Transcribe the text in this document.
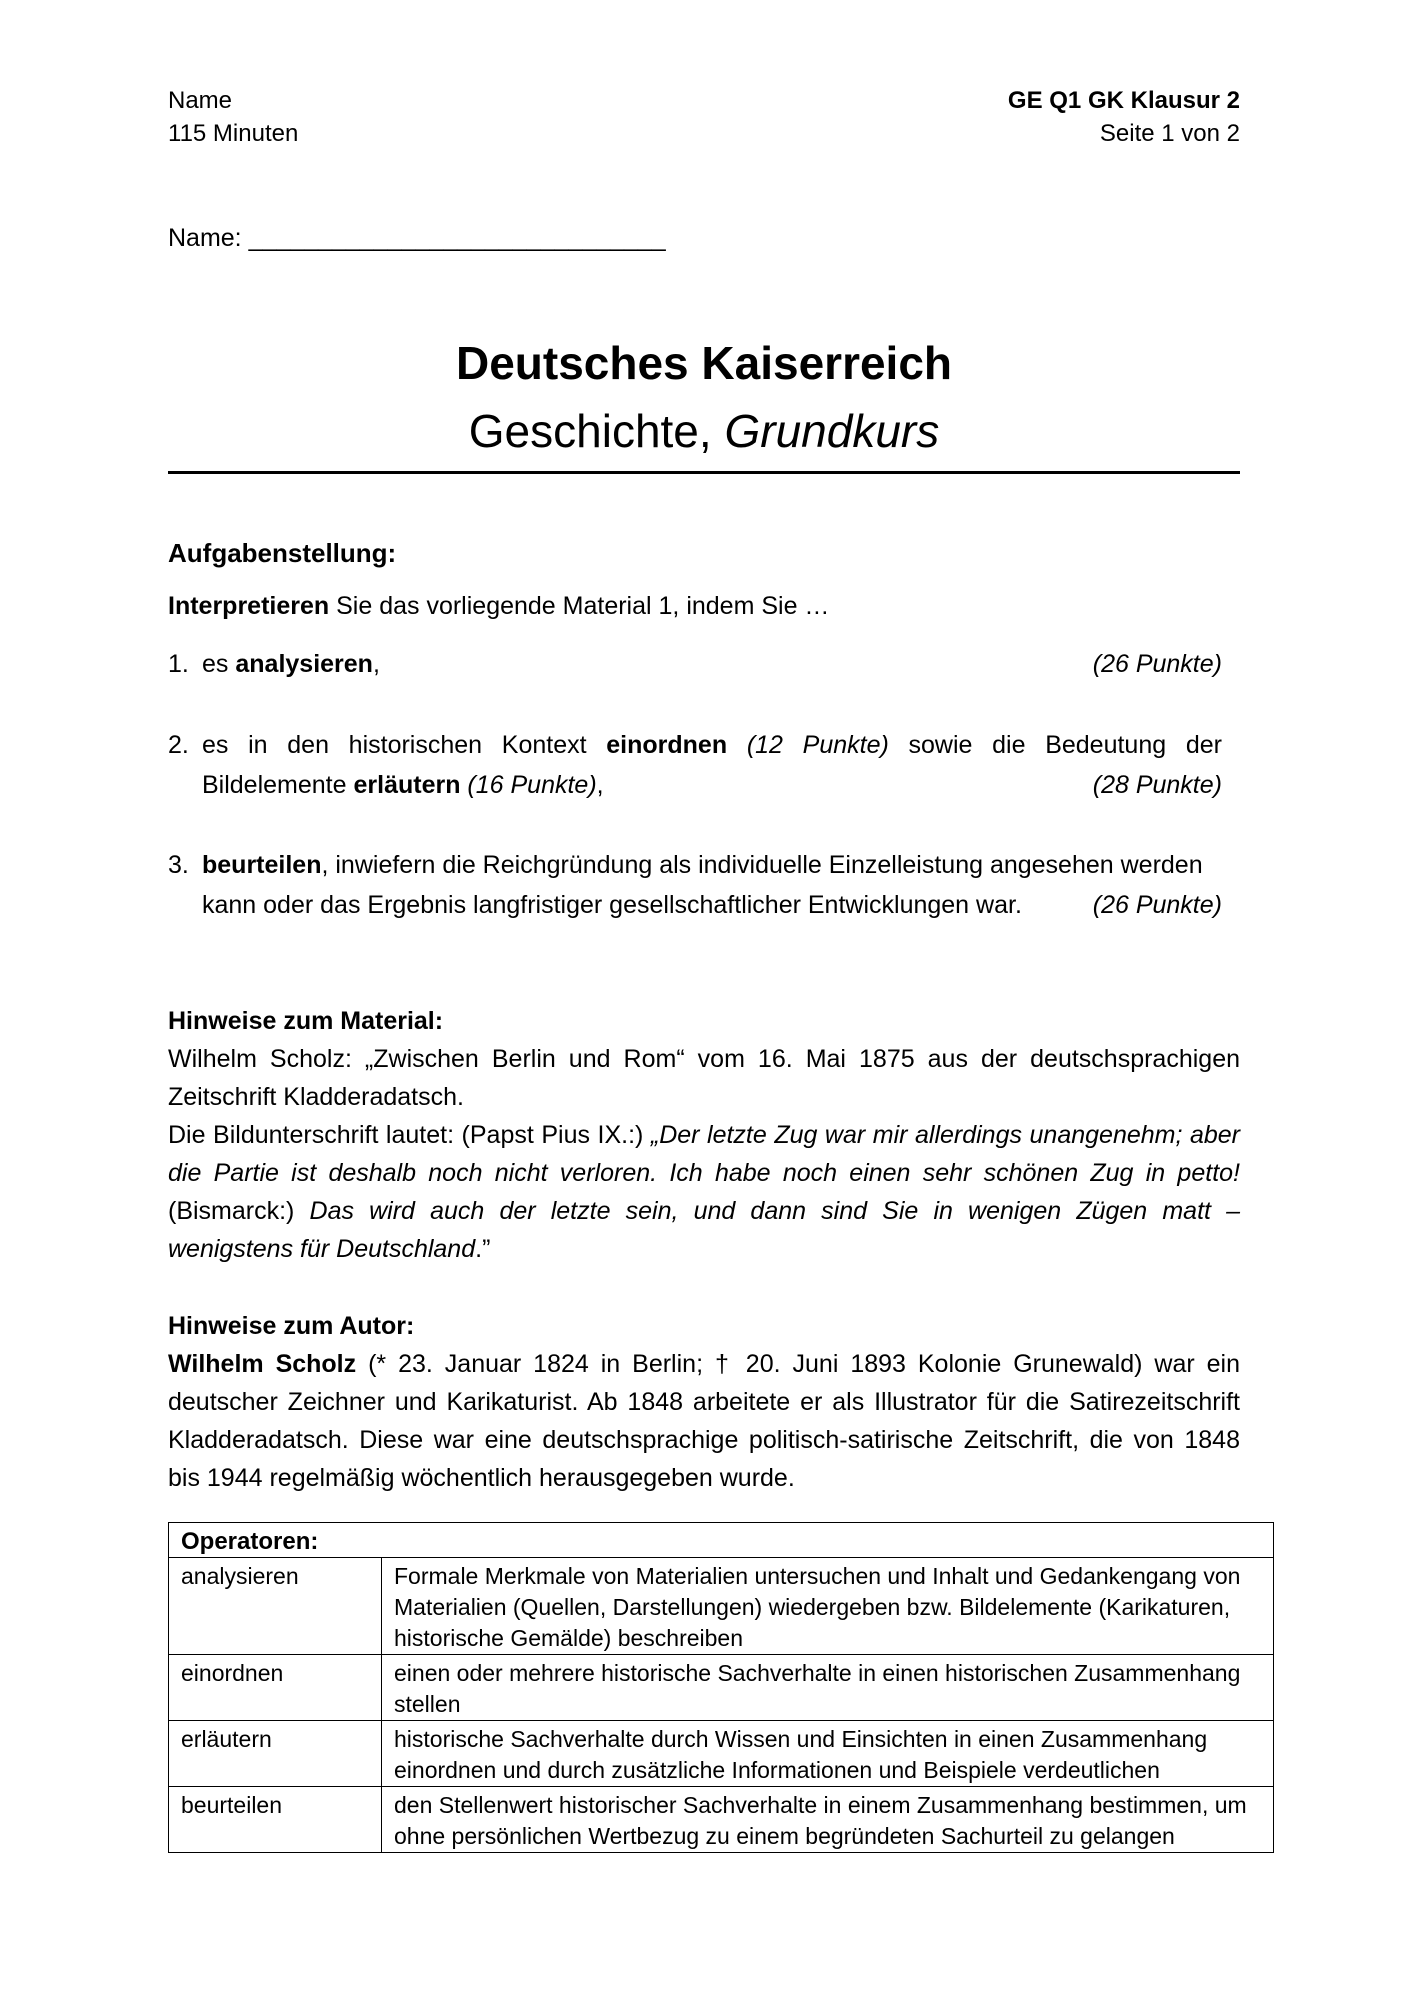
Name
115 Minuten
GE Q1 GK Klausur 2
Seite 1 von 2
Name: ______________________________
Deutsches Kaiserreich
Geschichte, Grundkurs
Aufgabenstellung:
Interpretieren Sie das vorliegende Material 1, indem Sie …
1. es analysieren,	(26 Punkte)
2. es in den historischen Kontext einordnen (12 Punkte) sowie die Bedeutung der
Bildelemente erläutern (16 Punkte),	(28 Punkte)
3. beurteilen, inwiefern die Reichgründung als individuelle Einzelleistung angesehen werden
kann oder das Ergebnis langfristiger gesellschaftlicher Entwicklungen war.	(26 Punkte)
Hinweise zum Material:
Wilhelm Scholz: „Zwischen Berlin und Rom“ vom 16. Mai 1875 aus der deutschsprachigen Zeitschrift Kladderadatsch.
Die Bildunterschrift lautet: (Papst Pius IX.:) „Der letzte Zug war mir allerdings unangenehm; aber die Partie ist deshalb noch nicht verloren. Ich habe noch einen sehr schönen Zug in petto! (Bismarck:) Das wird auch der letzte sein, und dann sind Sie in wenigen Zügen matt – wenigstens für Deutschland.”
Hinweise zum Autor:
Wilhelm Scholz (* 23. Januar 1824 in Berlin; † 20. Juni 1893 Kolonie Grunewald) war ein deutscher Zeichner und Karikaturist. Ab 1848 arbeitete er als Illustrator für die Satirezeitschrift Kladderadatsch. Diese war eine deutschsprachige politisch-satirische Zeitschrift, die von 1848 bis 1944 regelmäßig wöchentlich herausgegeben wurde.
Operatoren:	
analysieren	Formale Merkmale von Materialien untersuchen und Inhalt und Gedankengang von Materialien (Quellen, Darstellungen) wiedergeben bzw. Bildelemente (Karikaturen, historische Gemälde) beschreiben
einordnen	einen oder mehrere historische Sachverhalte in einen historischen Zusammenhang stellen
erläutern	historische Sachverhalte durch Wissen und Einsichten in einen Zusammenhang einordnen und durch zusätzliche Informationen und Beispiele verdeutlichen
beurteilen	den Stellenwert historischer Sachverhalte in einem Zusammenhang bestimmen, um ohne persönlichen Wertbezug zu einem begründeten Sachurteil zu gelangen
